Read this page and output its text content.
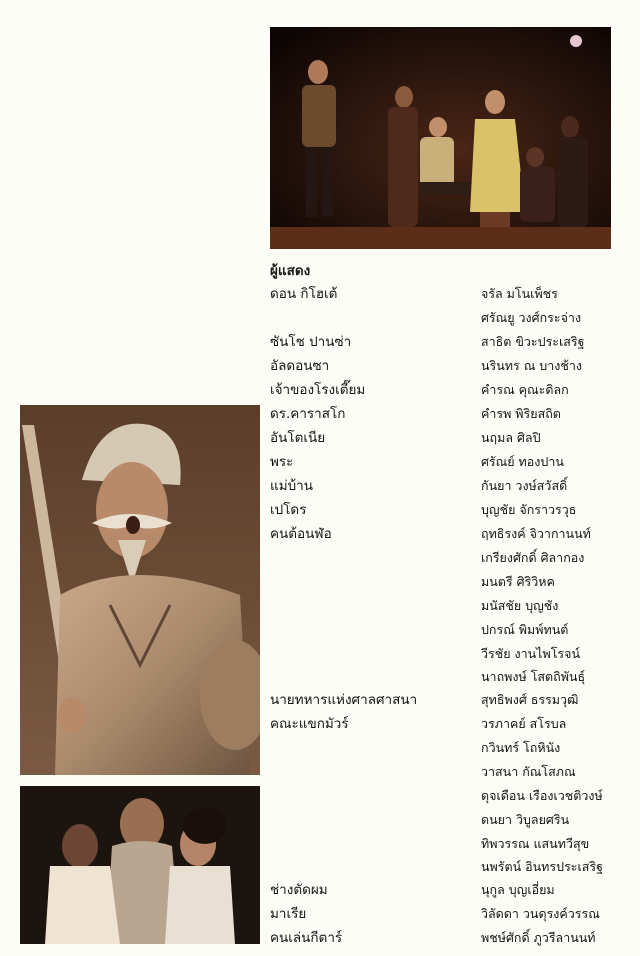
ผู้แสดง
ดอน กิโฮเต้
ซันโช ปานซ่า
อัลดอนซา
เจ้าของโรงเตี๊ยม
ดร.คาราสโก
อันโตเนีย
พระ
แม่บ้าน
เปโดร
คนต้อนฬ่อ
นายทหารแห่งศาลศาสนา
คณะแขกมัวร์
ช่างตัดผม
มาเรีย
คนเล่นกีตาร์
จรัล มโนเพ็ชร
ศรัณยู วงศ์กระจ่าง
สาธิต ขิวะประเสริฐ
นรินทร ณ บางช้าง
คำรณ คุณะดิลก
คำรพ พิริยสถิต
นฤมล ศิลปิ
ศรัณย์ ทองปาน
กันยา วงษ์สวัสดิ์
บุญชัย จักราวรวุธ
ฤทธิรงค์ จิวากานนท์
เกรียงศักดิ์ ศิลากอง
มนตรี ศิริวิหค
มนัสชัย บุญชัง
ปกรณ์ พิมพ์ทนต์
วีรชัย งานไพโรจน์
นาถพงษ์ โสตถิพันธุ์
สุทธิพงศ์ ธรรมวุฒิ
วรภาคย์ สโรบล
กวินทร์ โถหินัง
วาสนา กัณโสภณ
ดุจเดือน เรืองเวชติวงษ์
ดนยา วิบูลยศริน
ทิพวรรณ แสนทวีสุข
นพรัตน์ อินทรประเสริฐ
นุกูล บุญเอี่ยม
วิลัดดา วนดุรงค์วรรณ
พชษ์ศักดิ์ ภูวรีลานนท์
